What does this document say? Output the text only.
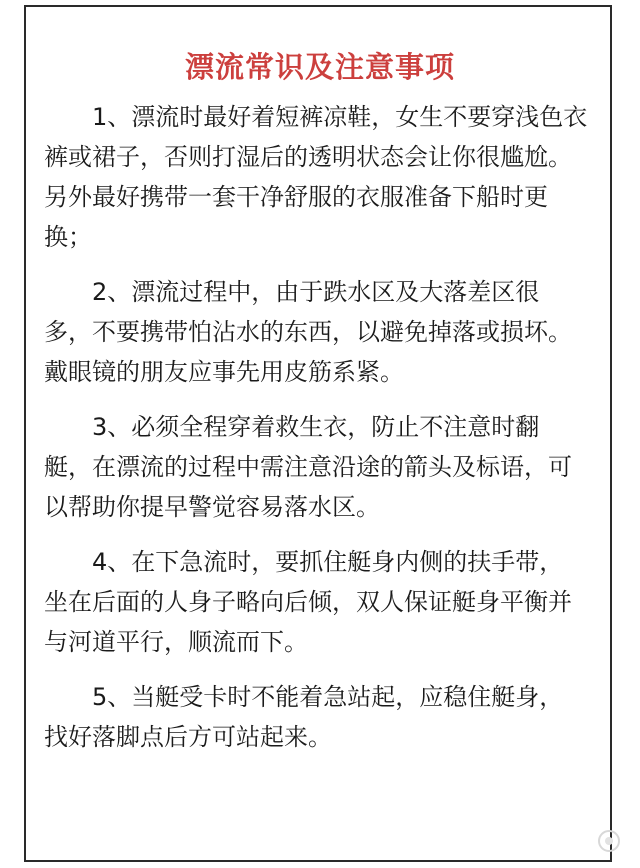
漂流常识及注意事项
1、漂流时最好着短裤凉鞋，女生不要穿浅色衣
裤或裙子，否则打湿后的透明状态会让你很尴尬。
另外最好携带一套干净舒服的衣服准备下船时更
换；
2、漂流过程中，由于跌水区及大落差区很
多，不要携带怕沾水的东西，以避免掉落或损坏。
戴眼镜的朋友应事先用皮筋系紧。
3、必须全程穿着救生衣，防止不注意时翻
艇，在漂流的过程中需注意沿途的箭头及标语，可
以帮助你提早警觉容易落水区。
4、在下急流时，要抓住艇身内侧的扶手带，
坐在后面的人身子略向后倾，双人保证艇身平衡并
与河道平行，顺流而下。
5、当艇受卡时不能着急站起，应稳住艇身，
找好落脚点后方可站起来。
